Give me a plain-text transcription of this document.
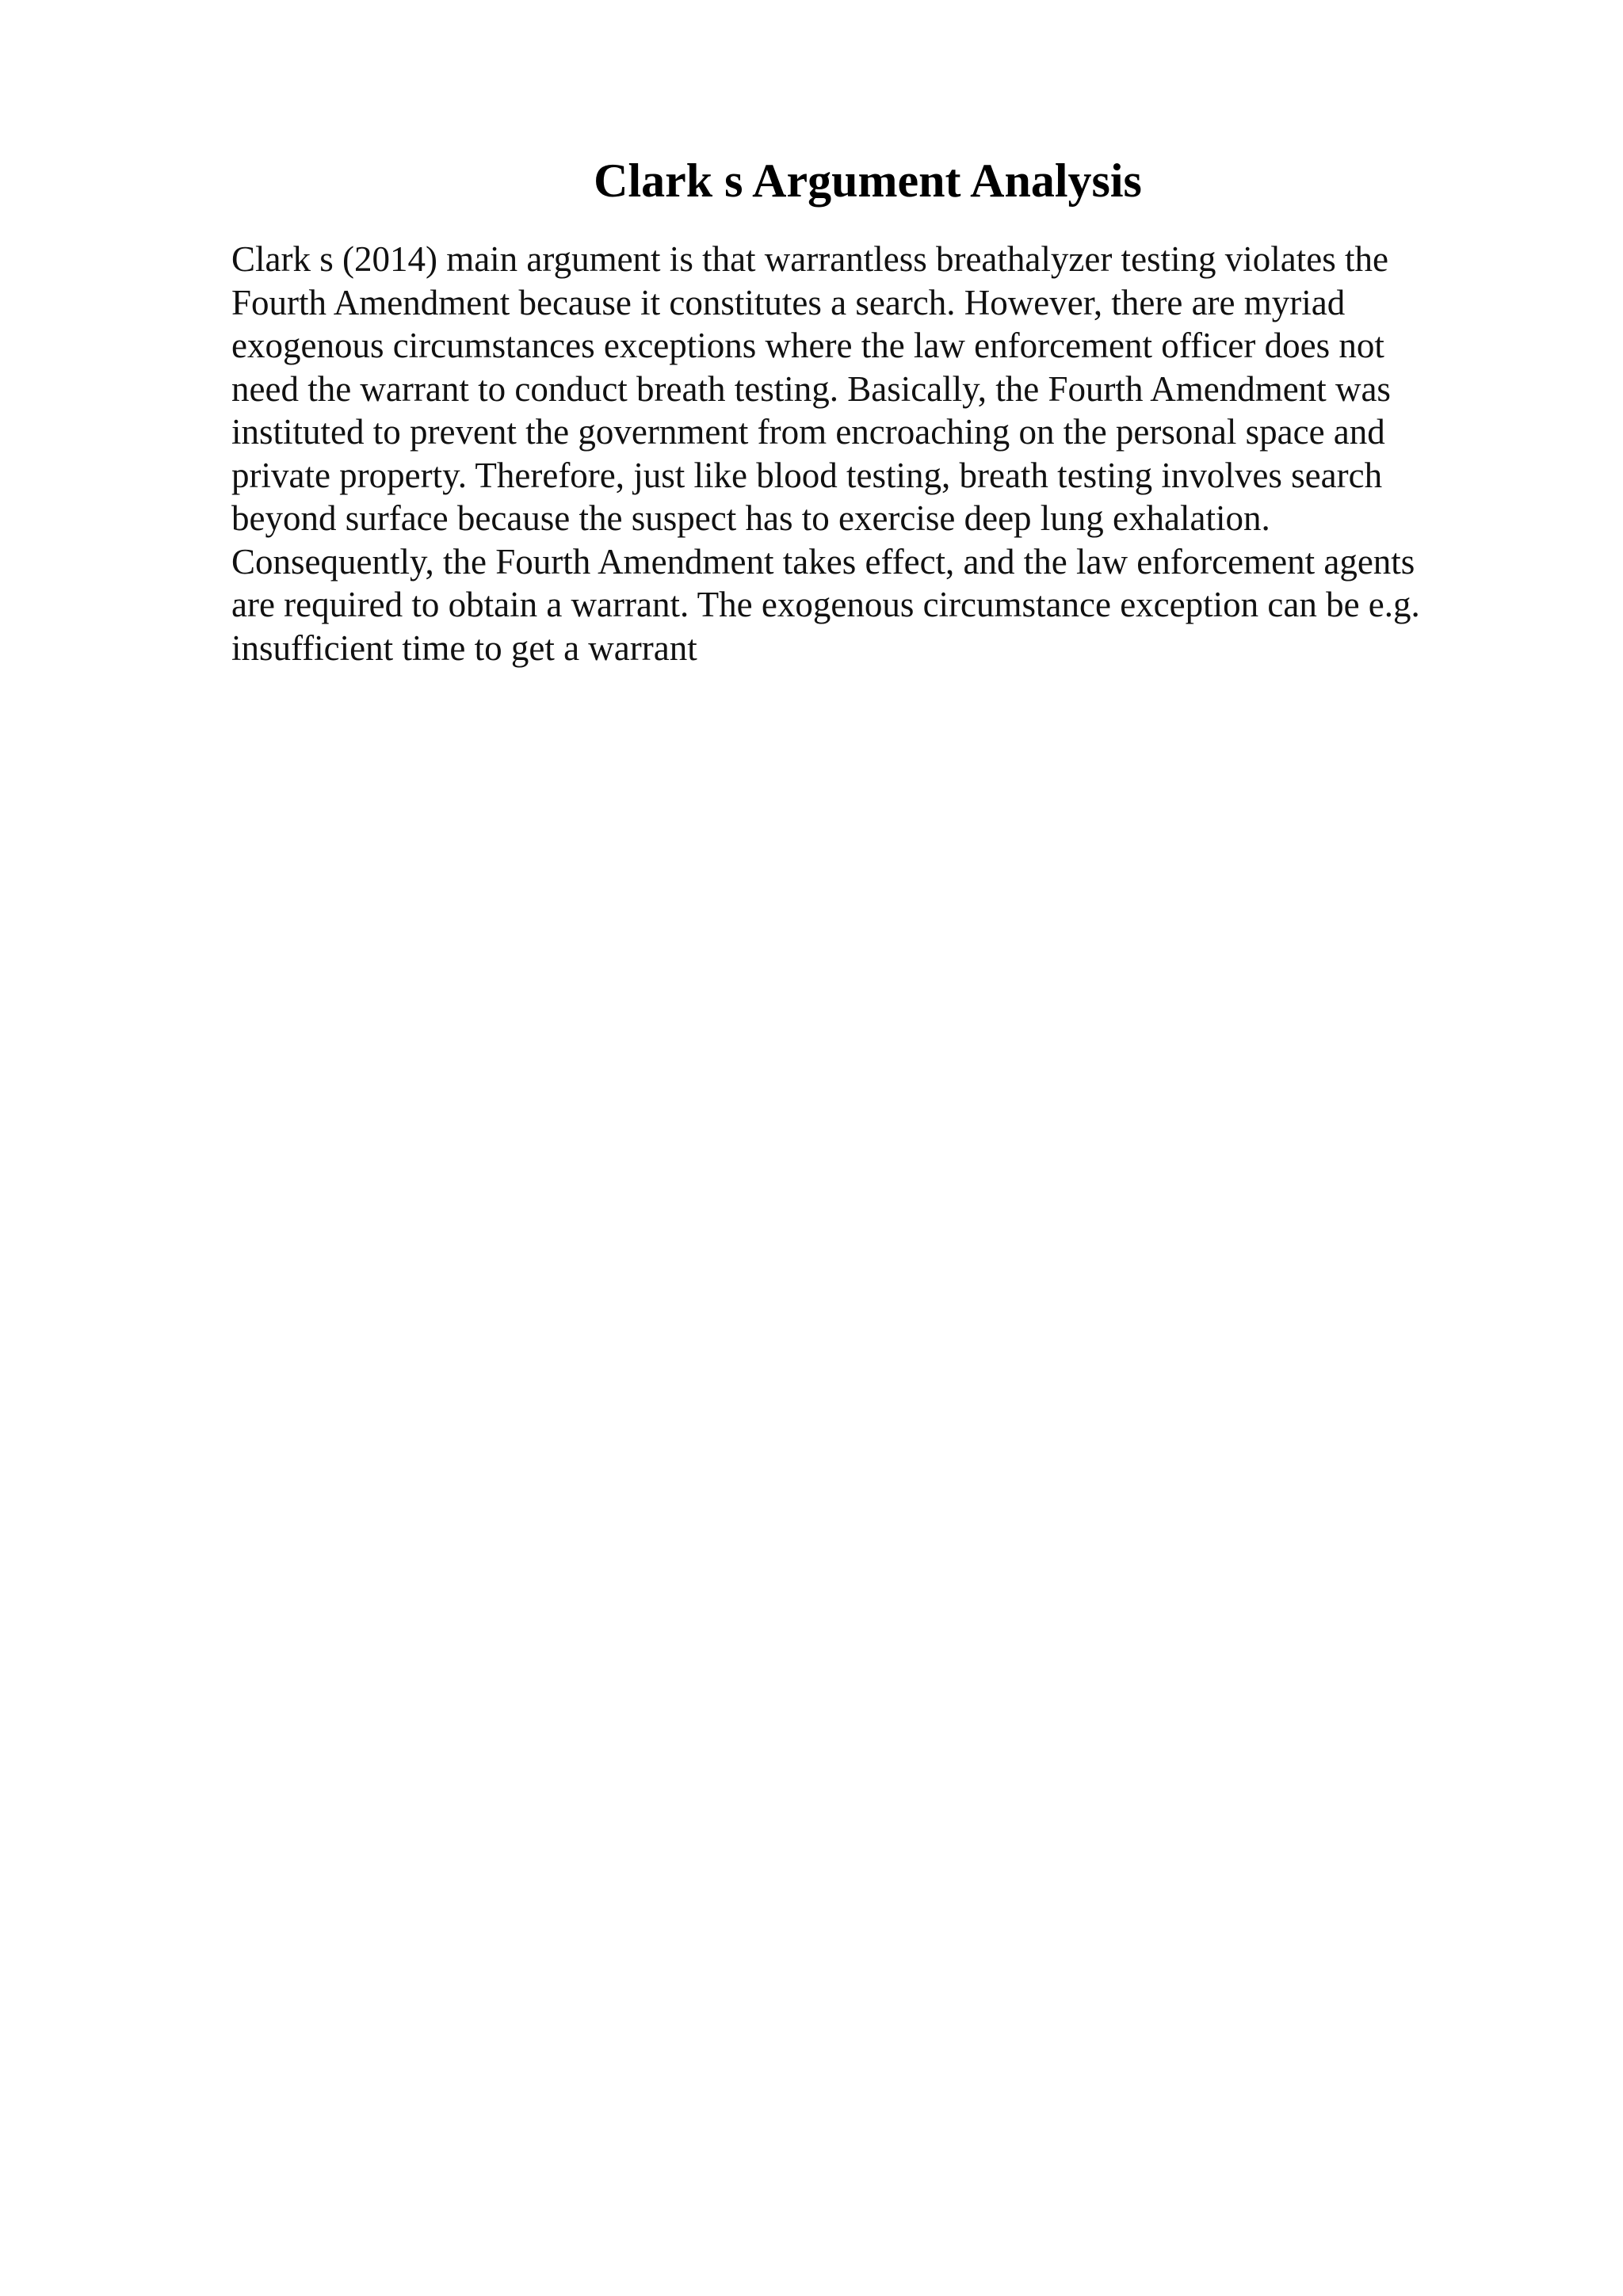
Clark s Argument Analysis
Clark s (2014) main argument is that warrantless breathalyzer testing violates the
Fourth Amendment because it constitutes a search. However, there are myriad
exogenous circumstances exceptions where the law enforcement officer does not
need the warrant to conduct breath testing. Basically, the Fourth Amendment was
instituted to prevent the government from encroaching on the personal space and
private property. Therefore, just like blood testing, breath testing involves search
beyond surface because the suspect has to exercise deep lung exhalation.
Consequently, the Fourth Amendment takes effect, and the law enforcement agents
are required to obtain a warrant. The exogenous circumstance exception can be e.g.
insufficient time to get a warrant
